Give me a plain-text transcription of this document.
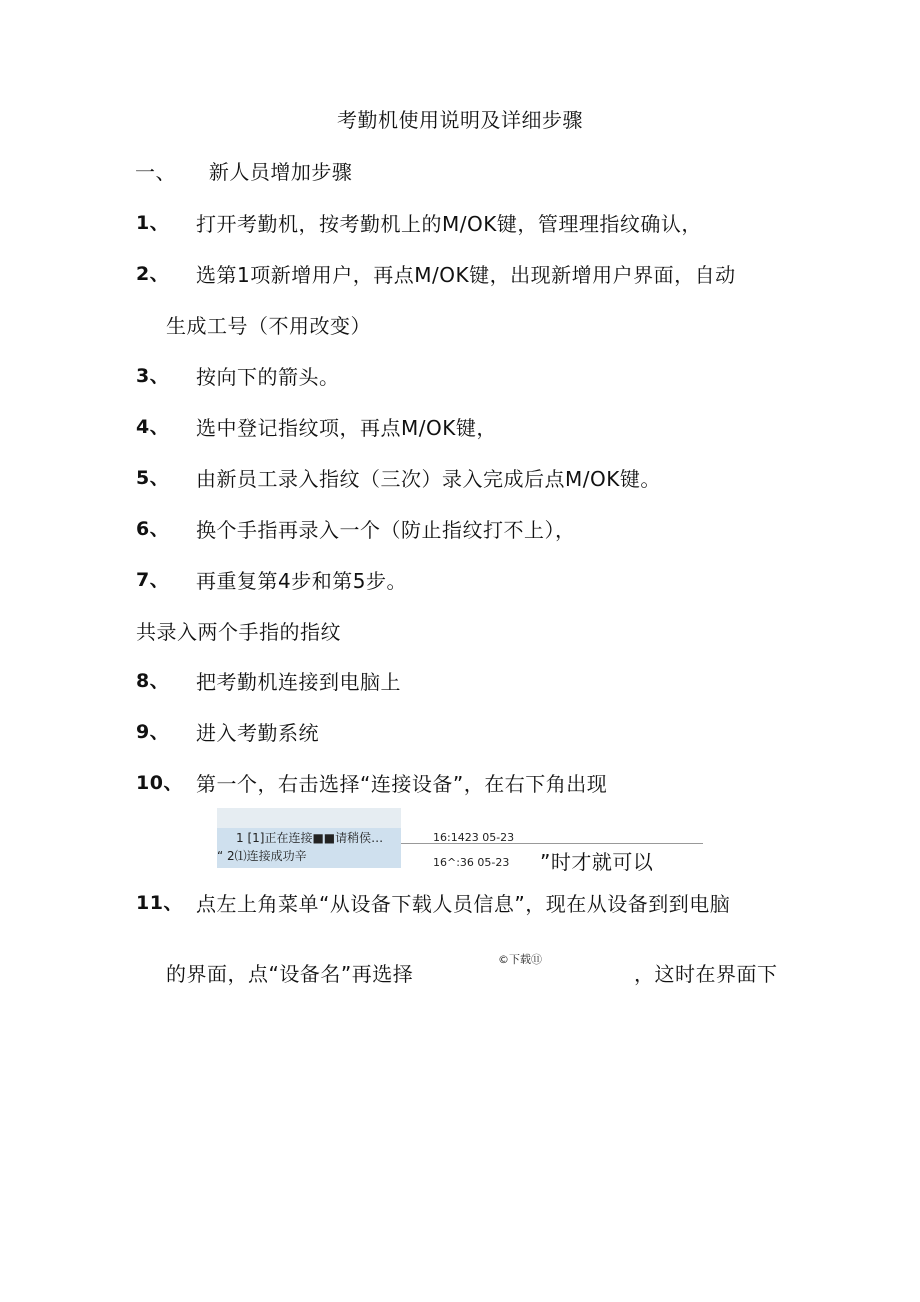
考勤机使用说明及详细步骤
一、 新人员增加步骤
1、 打开考勤机，按考勤机上的M/OK键，管理理指纹确认，
2、 选第1项新增用户，再点M/OK键，出现新增用户界面，自动
生成工号（不用改变）
3、 按向下的箭头。
4、 选中登记指纹项，再点M/OK键，
5、 由新员工录入指纹（三次）录入完成后点M/OK键。
6、 换个手指再录入一个（防止指纹打不上），
7、 再重复第4步和第5步。
共录入两个手指的指纹
8、 把考勤机连接到电脑上
9、 进入考勤系统
10、 第一个，右击选择“连接设备”，在右下角出现
1 [1]正在连接■■请稍侯…	16:1423 05-23
“ 2⑴连接成功辛	16^:36 05-23 ”时才就可以
11、 点左上角菜单“从设备下载人员信息”，现在从设备到到电脑
的界面，点“设备名”再选择
©下载⑪
，这时在界面下
